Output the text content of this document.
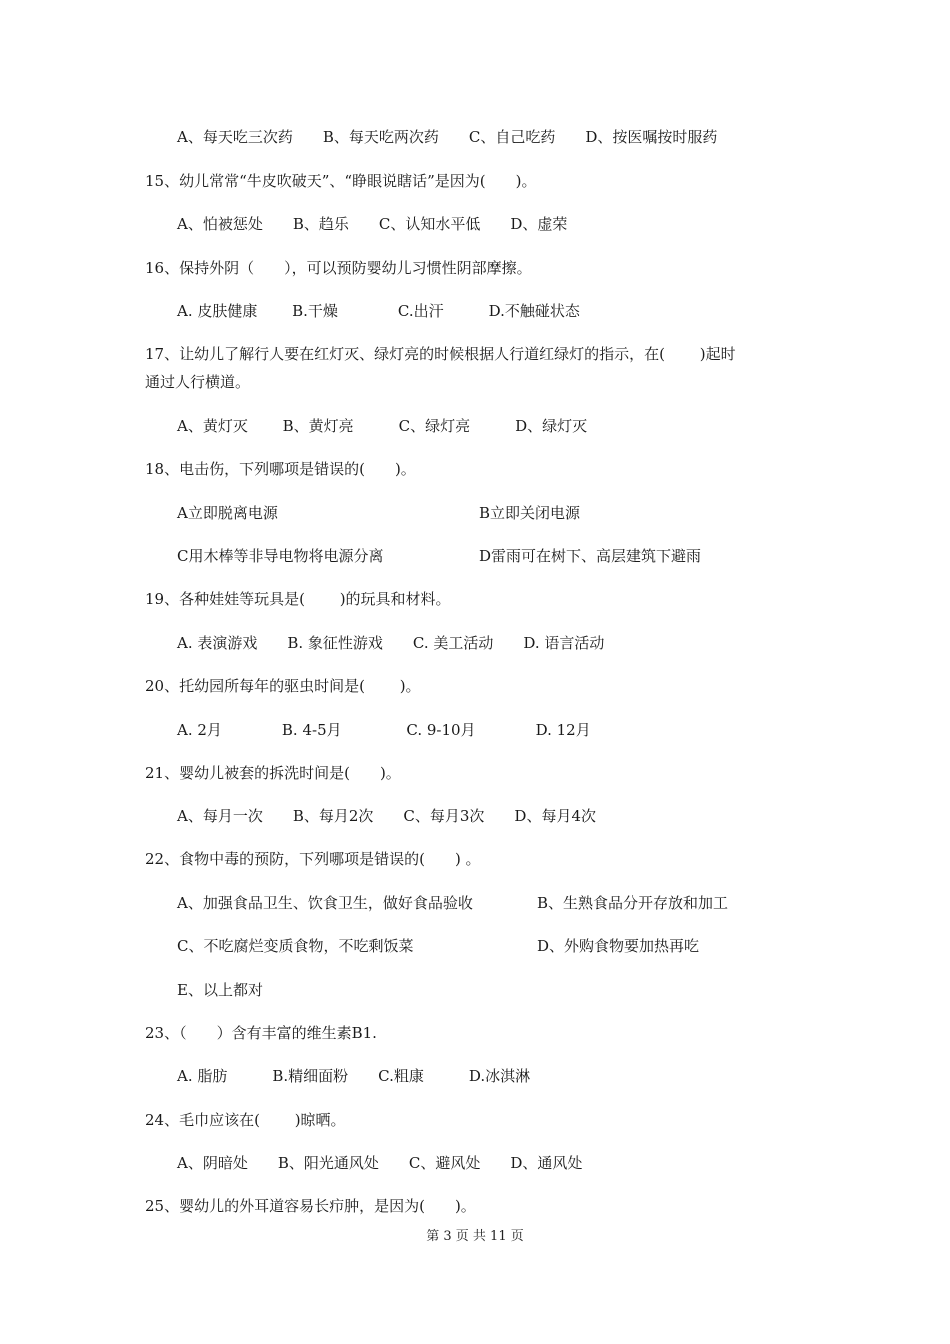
A、每天吃三次药　　B、每天吃两次药　　C、自己吃药　　D、按医嘱按时服药
15、幼儿常常“牛皮吹破天”、“睁眼说瞎话”是因为(　　)。
A、怕被惩处　　B、趋乐　　C、认知水平低　　D、虚荣
16、保持外阴（　　），可以预防婴幼儿习惯性阴部摩擦。
A. 皮肤健康　　 B.干燥　　　　C.出汗　　　D.不触碰状态
17、让幼儿了解行人要在红灯灭、绿灯亮的时候根据人行道红绿灯的指示，在(　　 )起时
通过人行横道。
A、黄灯灭　　 B、黄灯亮　　　C、绿灯亮　　　D、绿灯灭
18、电击伤，下列哪项是错误的(　　)。
A立即脱离电源	B立即关闭电源
C用木棒等非导电物将电源分离	D雷雨可在树下、高层建筑下避雨
19、各种娃娃等玩具是(　　 )的玩具和材料。
A. 表演游戏　　B. 象征性游戏　　C. 美工活动　　D. 语言活动
20、托幼园所每年的驱虫时间是(　　 )。
A. 2月　　　　B. 4-5月　　　　 C. 9-10月　　　　D. 12月
21、婴幼儿被套的拆洗时间是(　　)。
A、每月一次　　B、每月2次　　C、每月3次　　D、每月4次
22、食物中毒的预防，下列哪项是错误的(　　) 。
A、加强食品卫生、饮食卫生，做好食品验收	B、生熟食品分开存放和加工
C、不吃腐烂变质食物，不吃剩饭菜	D、外购食物要加热再吃
E、以上都对
23、（　　）含有丰富的维生素B1.
A. 脂肪　　　B.精细面粉　　C.粗康　　　D.冰淇淋
24、毛巾应该在(　　 )晾晒。
A、阴暗处　　B、阳光通风处　　C、避风处　　D、通风处
25、婴幼儿的外耳道容易长疖肿，是因为(　　)。
第 3 页 共 11 页
